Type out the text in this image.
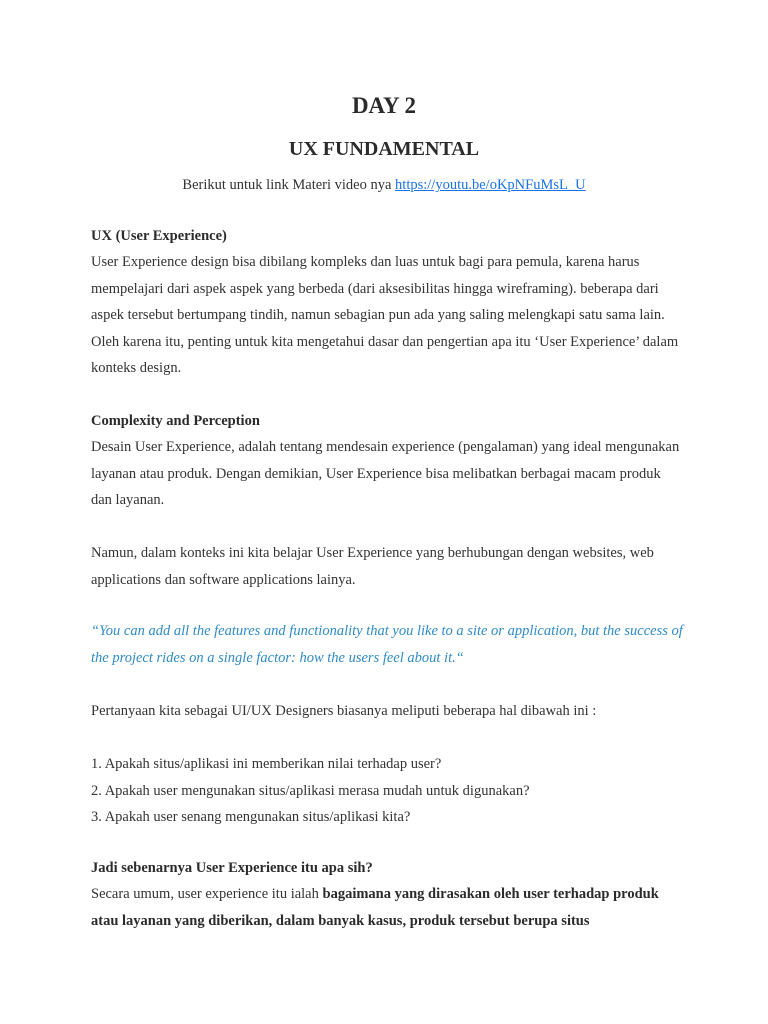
DAY 2
UX FUNDAMENTAL

Berikut untuk link Materi video nya https://youtu.be/oKpNFuMsL_U

UX (User Experience)

User Experience design bisa dibilang kompleks dan luas untuk bagi para pemula, karena harus mempelajari dari aspek aspek yang berbeda (dari aksesibilitas hingga wireframing). beberapa dari aspek tersebut bertumpang tindih, namun sebagian pun ada yang saling melengkapi satu sama lain. Oleh karena itu, penting untuk kita mengetahui dasar dan pengertian apa itu ‘User Experience’ dalam konteks design.

Complexity and Perception

Desain User Experience, adalah tentang mendesain experience (pengalaman) yang ideal mengunakan layanan atau produk. Dengan demikian, User Experience bisa melibatkan berbagai macam produk dan layanan.

Namun, dalam konteks ini kita belajar User Experience yang berhubungan dengan websites, web applications dan software applications lainya.

“You can add all the features and functionality that you like to a site or application, but the success of the project rides on a single factor: how the users feel about it.“

Pertanyaan kita sebagai UI/UX Designers biasanya meliputi beberapa hal dibawah ini :

1. Apakah situs/aplikasi ini memberikan nilai terhadap user?
2. Apakah user mengunakan situs/aplikasi merasa mudah untuk digunakan?
3. Apakah user senang mengunakan situs/aplikasi kita?

Jadi sebenarnya User Experience itu apa sih?

Secara umum, user experience itu ialah bagaimana yang dirasakan oleh user terhadap produk atau layanan yang diberikan, dalam banyak kasus, produk tersebut berupa situs
